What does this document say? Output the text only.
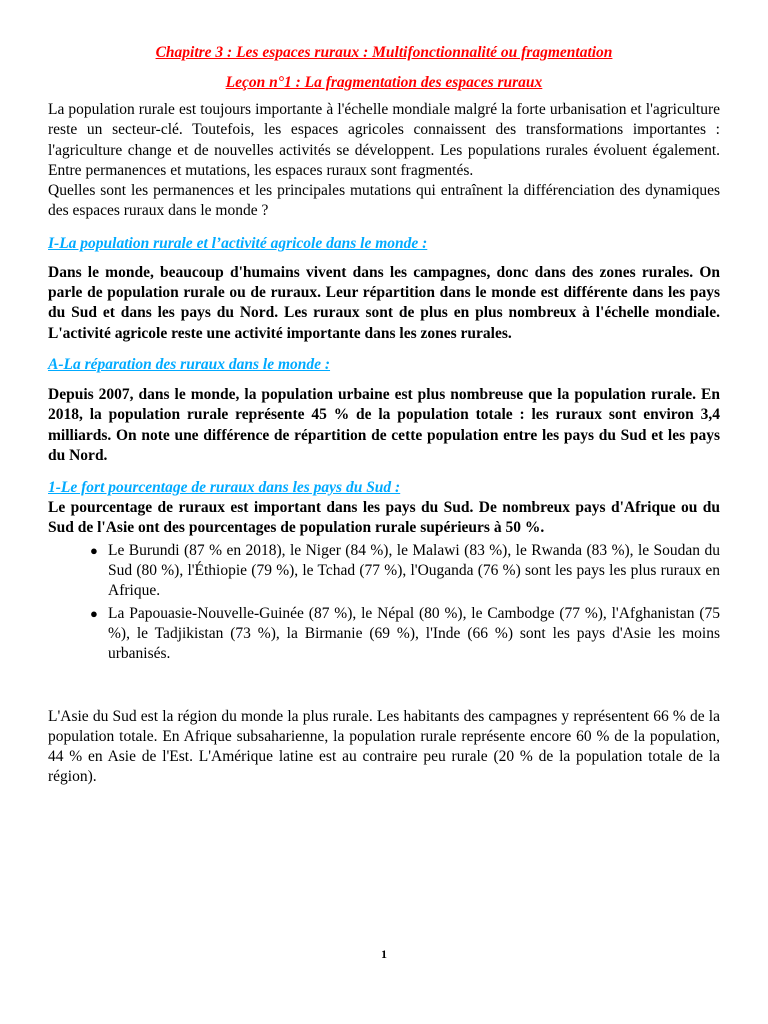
Chapitre 3 : Les espaces ruraux : Multifonctionnalité ou fragmentation
Leçon n°1 : La fragmentation des espaces ruraux

La population rurale est toujours importante à l'échelle mondiale malgré la forte urbanisation et l'agriculture reste un secteur-clé. Toutefois, les espaces agricoles connaissent des transformations importantes : l'agriculture change et de nouvelles activités se développent. Les populations rurales évoluent également. Entre permanences et mutations, les espaces ruraux sont fragmentés.

Quelles sont les permanences et les principales mutations qui entraînent la différenciation des dynamiques des espaces ruraux dans le monde ?

I-La population rurale et l’activité agricole dans le monde :

Dans le monde, beaucoup d'humains vivent dans les campagnes, donc dans des zones rurales. On parle de population rurale ou de ruraux. Leur répartition dans le monde est différente dans les pays du Sud et dans les pays du Nord. Les ruraux sont de plus en plus nombreux à l'échelle mondiale. L'activité agricole reste une activité importante dans les zones rurales.

A-La réparation des ruraux dans le monde :

Depuis 2007, dans le monde, la population urbaine est plus nombreuse que la population rurale. En 2018, la population rurale représente 45 % de la population totale : les ruraux sont environ 3,4 milliards. On note une différence de répartition de cette population entre les pays du Sud et les pays du Nord.

1-Le fort pourcentage de ruraux dans les pays du Sud :

Le pourcentage de ruraux est important dans les pays du Sud. De nombreux pays d'Afrique ou du Sud de l'Asie ont des pourcentages de population rurale supérieurs à 50 %.

● Le Burundi (87 % en 2018), le Niger (84 %), le Malawi (83 %), le Rwanda (83 %), le Soudan du Sud (80 %), l'Éthiopie (79 %), le Tchad (77 %), l'Ouganda (76 %) sont les pays les plus ruraux en Afrique.
● La Papouasie-Nouvelle-Guinée (87 %), le Népal (80 %), le Cambodge (77 %), l'Afghanistan (75 %), le Tadjikistan (73 %), la Birmanie (69 %), l'Inde (66 %) sont les pays d'Asie les moins urbanisés.

L'Asie du Sud est la région du monde la plus rurale. Les habitants des campagnes y représentent 66 % de la population totale. En Afrique subsaharienne, la population rurale représente encore 60 % de la population, 44 % en Asie de l'Est. L'Amérique latine est au contraire peu rurale (20 % de la population totale de la région).

1
